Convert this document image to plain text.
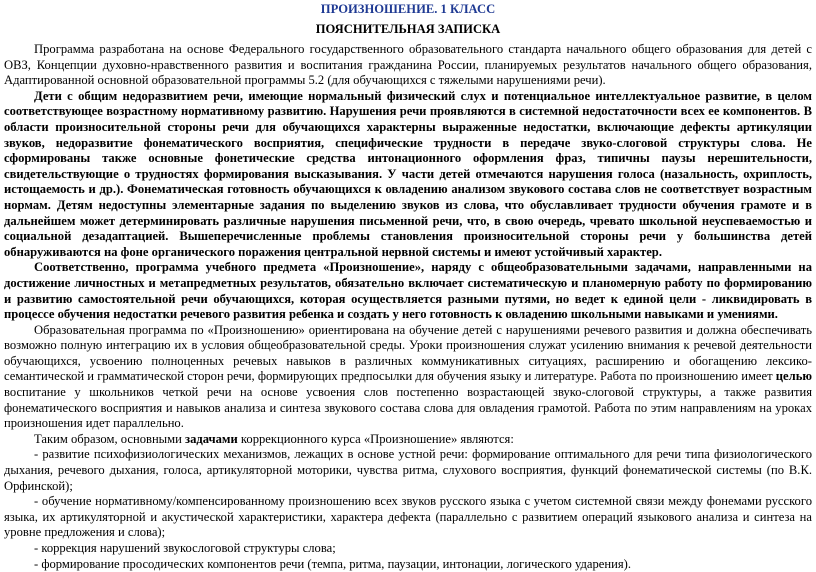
ПРОИЗНОШЕНИЕ. 1 КЛАСС
ПОЯСНИТЕЛЬНАЯ ЗАПИСКА

Программа разработана на основе Федерального государственного образовательного стандарта начального общего образования для детей с ОВЗ, Концепции духовно-нравственного развития и воспитания гражданина России, планируемых результатов начального общего образования, Адаптированной основной образовательной программы 5.2 (для обучающихся с тяжелыми нарушениями речи).

Дети с общим недоразвитием речи, имеющие нормальный физический слух и потенциальное интеллектуальное развитие, в целом соответствующее возрастному нормативному развитию. Нарушения речи проявляются в системной недостаточности всех ее компонентов. В области произносительной стороны речи для обучающихся характерны выраженные недостатки, включающие дефекты артикуляции звуков, недоразвитие фонематического восприятия, специфические трудности в передаче звуко-слоговой структуры слова. Не сформированы также основные фонетические средства интонационного оформления фраз, типичны паузы нерешительности, свидетельствующие о трудностях формирования высказывания. У части детей отмечаются нарушения голоса (назальность, охриплость, истощаемость и др.). Фонематическая готовность обучающихся к овладению анализом звукового состава слов не соответствует возрастным нормам. Детям недоступны элементарные задания по выделению звуков из слова, что обуславливает трудности обучения грамоте и в дальнейшем может детерминировать различные нарушения письменной речи, что, в свою очередь, чревато школьной неуспеваемостью и социальной дезадаптацией. Вышеперечисленные проблемы становления произносительной стороны речи у большинства детей обнаруживаются на фоне органического поражения центральной нервной системы и имеют устойчивый характер.

Соответственно, программа учебного предмета «Произношение», наряду с общеобразовательными задачами, направленными на достижение личностных и метапредметных результатов, обязательно включает систематическую и планомерную работу по формированию и развитию самостоятельной речи обучающихся, которая осуществляется разными путями, но ведет к единой цели - ликвидировать в процессе обучения недостатки речевого развития ребенка и создать у него готовность к овладению школьными навыками и умениями.

Образовательная программа по «Произношению» ориентирована на обучение детей с нарушениями речевого развития и должна обеспечивать возможно полную интеграцию их в условия общеобразовательной среды. Уроки произношения служат усилению внимания к речевой деятельности обучающихся, усвоению полноценных речевых навыков в различных коммуникативных ситуациях, расширению и обогащению лексико-семантической и грамматической сторон речи, формирующих предпосылки для обучения языку и литературе. Работа по произношению имеет целью воспитание у школьников четкой речи на основе усвоения слов постепенно возрастающей звуко-слоговой структуры, а также развития фонематического восприятия и навыков анализа и синтеза звукового состава слова для овладения грамотой. Работа по этим направлениям на уроках произношения идет параллельно.

Таким образом, основными задачами коррекционного курса «Произношение» являются:

- развитие психофизиологических механизмов, лежащих в основе устной речи: формирование оптимального для речи типа физиологического дыхания, речевого дыхания, голоса, артикуляторной моторики, чувства ритма, слухового восприятия, функций фонематической системы (по В.К. Орфинской);

- обучение нормативному/компенсированному произношению всех звуков русского языка с учетом системной связи между фонемами русского языка, их артикуляторной и акустической характеристики, характера дефекта (параллельно с развитием операций языкового анализа и синтеза на уровне предложения и слова);

- коррекция нарушений звукослоговой структуры слова;

- формирование просодических компонентов речи (темпа, ритма, паузации, интонации, логического ударения).
